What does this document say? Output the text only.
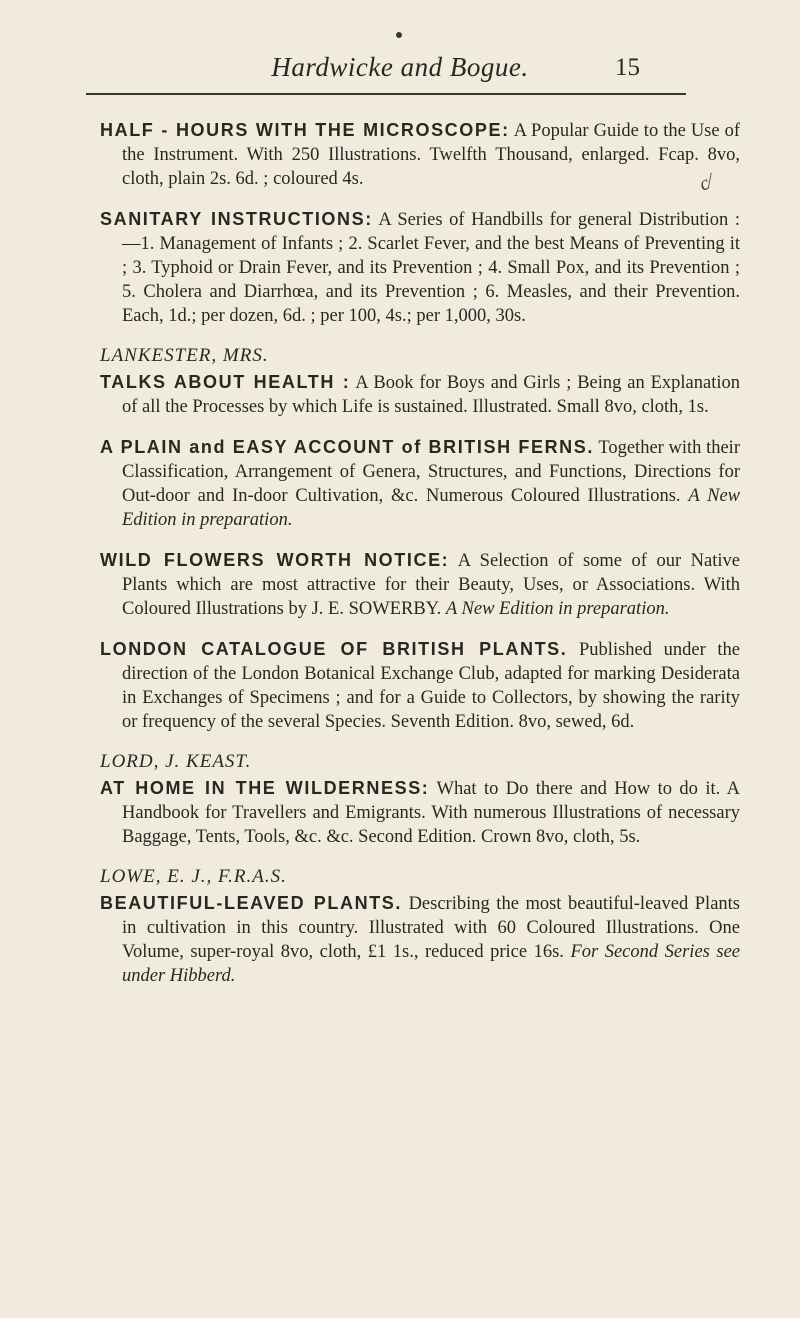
Hardwicke and Bogue.	15
c⁄

HALF - HOURS WITH THE MICROSCOPE: A Popular Guide to the Use of the Instrument. With 250 Illustrations. Twelfth Thousand, enlarged. Fcap. 8vo, cloth, plain 2s. 6d. ; coloured 4s.

SANITARY INSTRUCTIONS: A Series of Handbills for general Distribution :—1. Management of Infants ; 2. Scarlet Fever, and the best Means of Preventing it ; 3. Typhoid or Drain Fever, and its Prevention ; 4. Small Pox, and its Prevention ; 5. Cholera and Diarrhœa, and its Prevention ; 6. Measles, and their Prevention. Each, 1d.; per dozen, 6d. ; per 100, 4s.; per 1,000, 30s.

LANKESTER, MRS.

TALKS ABOUT HEALTH : A Book for Boys and Girls ; Being an Explanation of all the Processes by which Life is sustained. Illustrated. Small 8vo, cloth, 1s.

A PLAIN and EASY ACCOUNT of BRITISH FERNS. Together with their Classification, Arrangement of Genera, Structures, and Functions, Directions for Out-door and In-door Cultivation, &c. Numerous Coloured Illustrations. A New Edition in preparation.

WILD FLOWERS WORTH NOTICE: A Selection of some of our Native Plants which are most attractive for their Beauty, Uses, or Associations. With Coloured Illustrations by J. E. SOWERBY. A New Edition in preparation.

LONDON CATALOGUE OF BRITISH PLANTS. Published under the direction of the London Botanical Exchange Club, adapted for marking Desiderata in Exchanges of Specimens ; and for a Guide to Collectors, by showing the rarity or frequency of the several Species. Seventh Edition. 8vo, sewed, 6d.

LORD, J. KEAST.

AT HOME IN THE WILDERNESS: What to Do there and How to do it. A Handbook for Travellers and Emigrants. With numerous Illustrations of necessary Baggage, Tents, Tools, &c. &c. Second Edition. Crown 8vo, cloth, 5s.

LOWE, E. J., F.R.A.S.

BEAUTIFUL-LEAVED PLANTS. Describing the most beautiful-leaved Plants in cultivation in this country. Illustrated with 60 Coloured Illustrations. One Volume, super-royal 8vo, cloth, £1 1s., reduced price 16s. For Second Series see under Hibberd.
